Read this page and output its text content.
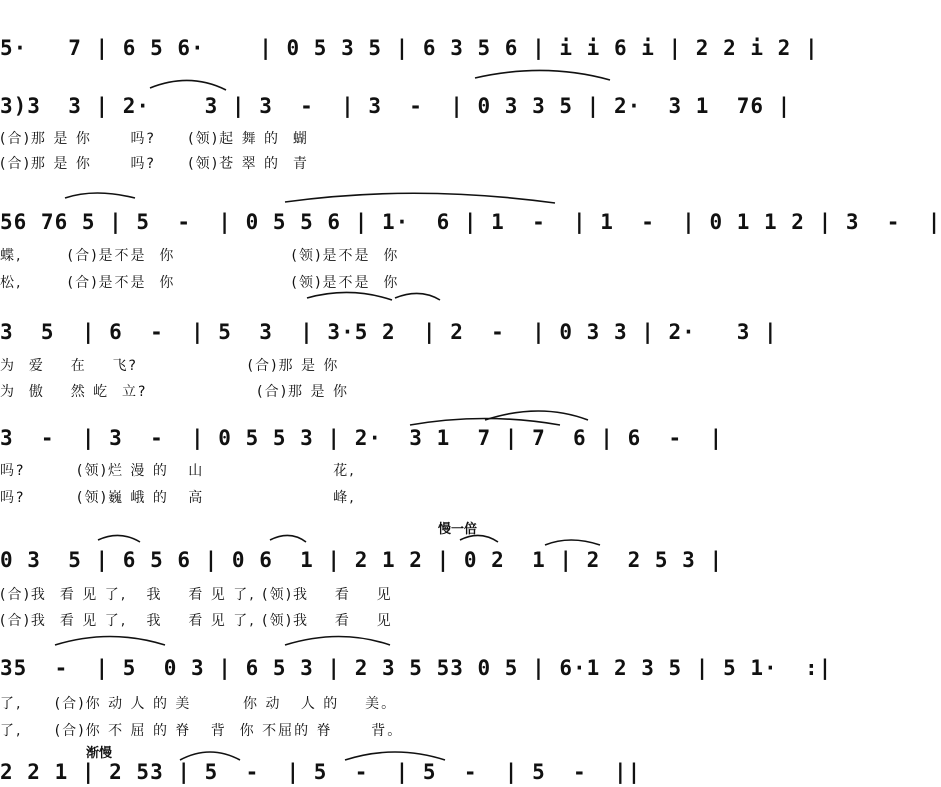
5·   7 | 6 5 6·    | 0 5 3 5 | 6 3 5 6 | i i 6 i | 2 2 i 2 |
3)3  3 | 2·    3 | 3  -  | 3  -  | 0 3 3 5 | 2·  3 1  76 |
(合)那 是 你      吗?     (领)起 舞 的  蝴
(合)那 是 你      吗?     (领)苍 翠 的  青
56 76 5 | 5  -  | 0 5 5 6 | 1·  6 | 1  -  | 1  -  | 0 1 1 2 | 3  -  |
蝶,       (合)是不是  你                  (领)是不是  你
松,       (合)是不是  你                  (领)是不是  你
3  5  | 6  -  | 5  3  | 3·5 2  | 2  -  | 0 3 3 | 2·   3 |
为  爱    在    飞?                 (合)那 是 你
为  傲    然 屹  立?                 (合)那 是 你
3  -  | 3  -  | 0 5 5 3 | 2·  3 1  7 | 7  6 | 6  -  |
吗?        (领)烂 漫 的   山                    花,
吗?        (领)巍 峨 的   高                    峰,
慢一倍
0 3  5 | 6 5 6 | 0 6  1 | 2 1 2 | 0 2  1 | 2  2 5 3 |
(合)我  看 见 了,   我    看 见 了, (领)我    看    见
(合)我  看 见 了,   我    看 见 了, (领)我    看    见
35  -  | 5  0 3 | 6 5 3 | 2 3 5 53 0 5 | 6·1 2 3 5 | 5 1·  :|
了,     (合)你 动 人 的 美        你 动   人 的    美。
了,     (合)你 不 屈 的 脊   背  你 不屈的 脊      背。
渐慢
2 2 1 | 2 53 | 5  -  | 5  -  | 5  -  | 5  -  ||
